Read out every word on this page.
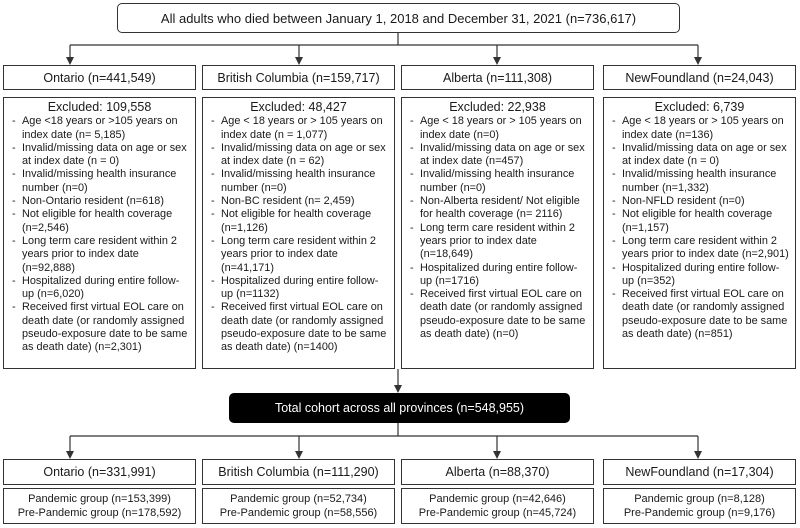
All adults who died between January 1, 2018 and December 31, 2021 (n=736,617)
Ontario (n=441,549)	British Columbia (n=159,717)	Alberta (n=111,308)	NewFoundland (n=24,043)
Excluded: 109,558
- Age <18 years or >105 years on index date (n= 5,185)
- Invalid/missing data on age or sex at index date (n = 0)
- Invalid/missing health insurance number (n=0)
- Non-Ontario resident (n=618)
- Not eligible for health coverage (n=2,546)
- Long term care resident within 2 years prior to index date (n=92,888)
- Hospitalized during entire follow-up (n=6,020)
- Received first virtual EOL care on death date (or randomly assigned pseudo-exposure date to be same as death date) (n=2,301)
Excluded: 48,427
- Age < 18 years or > 105 years on index date (n = 1,077)
- Invalid/missing data on age or sex at index date (n = 62)
- Invalid/missing health insurance number (n=0)
- Non-BC resident (n= 2,459)
- Not eligible for health coverage (n=1,126)
- Long term care resident within 2 years prior to index date (n=41,171)
- Hospitalized during entire follow-up (n=1132)
- Received first virtual EOL care on death date (or randomly assigned pseudo-exposure date to be same as death date) (n=1400)
Excluded: 22,938
- Age < 18 years or > 105 years on index date (n=0)
- Invalid/missing data on age or sex at index date (n=457)
- Invalid/missing health insurance number (n=0)
- Non-Alberta resident/ Not eligible for health coverage (n= 2116)
- Long term care resident within 2 years prior to index date (n=18,649)
- Hospitalized during entire follow-up (n=1716)
- Received first virtual EOL care on death date (or randomly assigned pseudo-exposure date to be same as death date) (n=0)
Excluded: 6,739
- Age < 18 years or > 105 years on index date (n=136)
- Invalid/missing data on age or sex at index date (n = 0)
- Invalid/missing health insurance number (n=1,332)
- Non-NFLD resident (n=0)
- Not eligible for health coverage (n=1,157)
- Long term care resident within 2 years prior to index date (n=2,901)
- Hospitalized during entire follow-up (n=352)
- Received first virtual EOL care on death date (or randomly assigned pseudo-exposure date to be same as death date) (n=851)
Total cohort across all provinces (n=548,955)
Ontario (n=331,991)	British Columbia (n=111,290)	Alberta (n=88,370)	NewFoundland (n=17,304)
Pandemic group (n=153,399)
Pre-Pandemic group (n=178,592)
Pandemic group (n=52,734)
Pre-Pandemic group (n=58,556)
Pandemic group (n=42,646)
Pre-Pandemic group (n=45,724)
Pandemic group (n=8,128)
Pre-Pandemic group (n=9,176)
